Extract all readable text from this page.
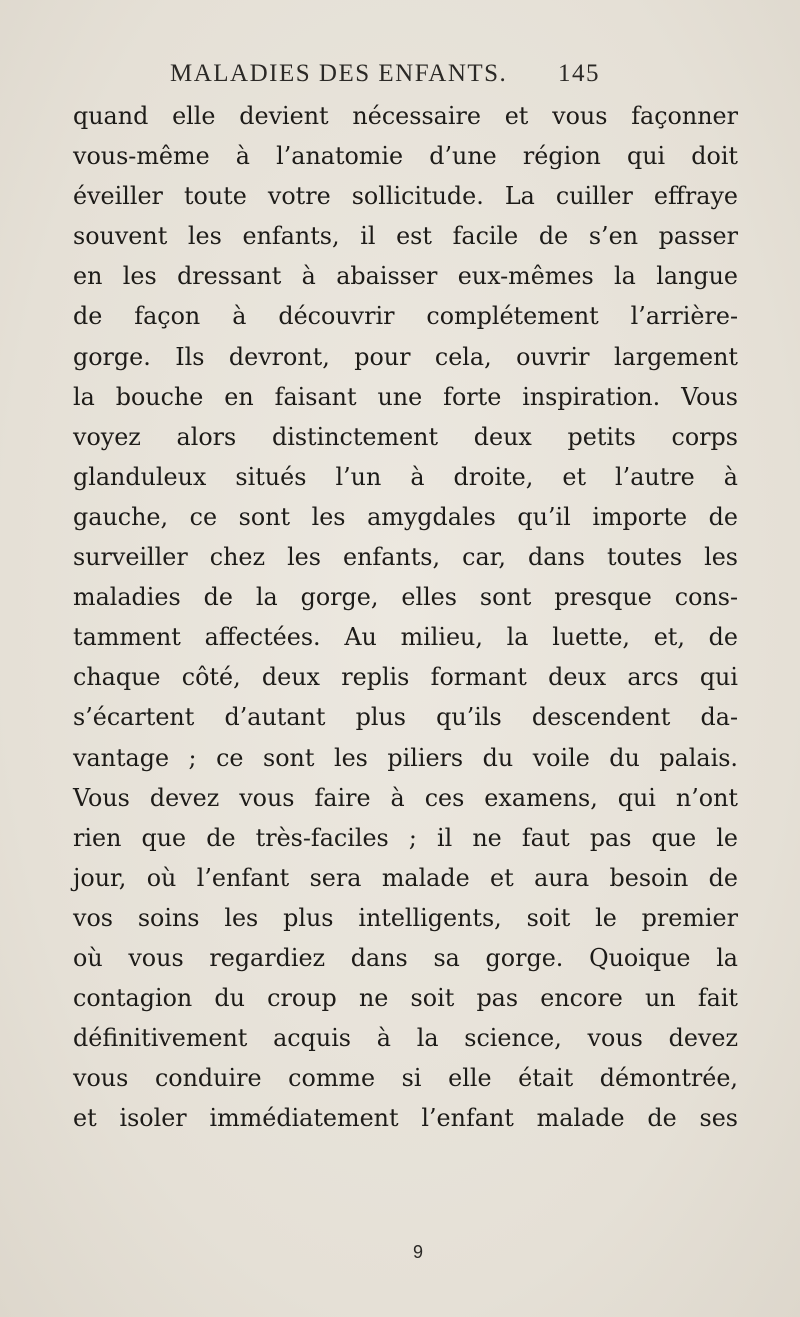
MALADIES DES ENFANTS. 145
quand elle devient nécessaire et vous façonner
vous-même à l’anatomie d’une région qui doit
éveiller toute votre sollicitude. La cuiller effraye
souvent les enfants, il est facile de s’en passer
en les dressant à abaisser eux-mêmes la langue
de façon à découvrir complétement l’arrière-
gorge. Ils devront, pour cela, ouvrir largement
la bouche en faisant une forte inspiration. Vous
voyez alors distinctement deux petits corps
glanduleux situés l’un à droite, et l’autre à
gauche, ce sont les amygdales qu’il importe de
surveiller chez les enfants, car, dans toutes les
maladies de la gorge, elles sont presque cons-
tamment affectées. Au milieu, la luette, et, de
chaque côté, deux replis formant deux arcs qui
s’écartent d’autant plus qu’ils descendent da-
vantage ; ce sont les piliers du voile du palais.
Vous devez vous faire à ces examens, qui n’ont
rien que de très-faciles ; il ne faut pas que le
jour, où l’enfant sera malade et aura besoin de
vos soins les plus intelligents, soit le premier
où vous regardiez dans sa gorge. Quoique la
contagion du croup ne soit pas encore un fait
définitivement acquis à la science, vous devez
vous conduire comme si elle était démontrée,
et isoler immédiatement l’enfant malade de ses
9
